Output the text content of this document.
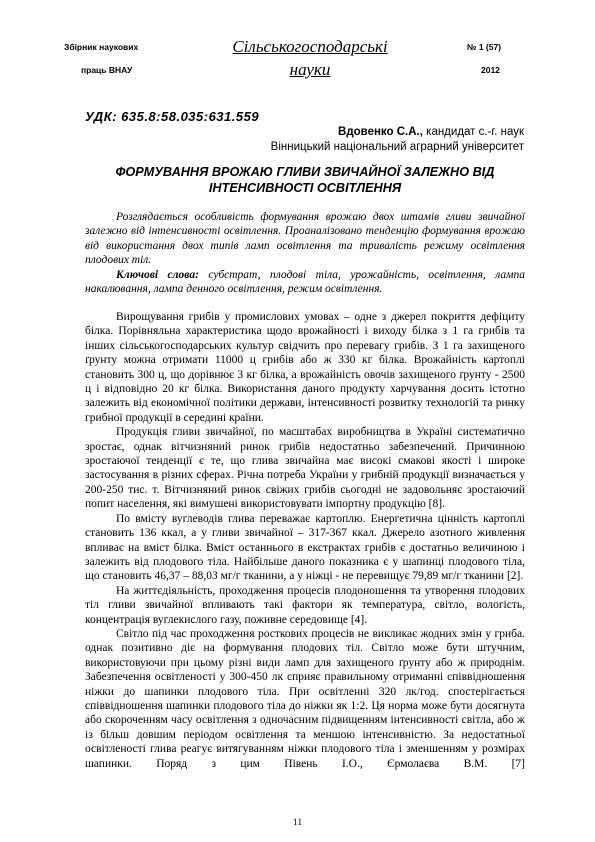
Збірник наукових
праць ВНАУ
Сільськогосподарські
науки
№ 1 (57)
2012
УДК: 635.8:58.035:631.559
Вдовенко С.А., кандидат с.-г. наук
Вінницький національний аграрний університет
ФОРМУВАННЯ ВРОЖАЮ ГЛИВИ ЗВИЧАЙНОЇ ЗАЛЕЖНО ВІД
ІНТЕНСИВНОСТІ ОСВІТЛЕННЯ

Розглядається особливість формування врожаю двох штамів гливи звичайної залежно від інтенсивності освітлення. Проаналізовано тенденцію формування врожаю від використання двох типів ламп освітлення та тривалість режиму освітлення плодових тіл.

Ключові слова: субстрат, плодові тіла, урожайність, освітлення, лампа накалювання, лампа денного освітлення, режим освітлення.

Вирощування грибів у промислових умовах – одне з джерел покриття дефіциту білка. Порівняльна характеристика щодо врожайності і виходу білка з 1 га грибів та інших сільськогосподарських культур свідчить про перевагу грибів. З 1 га захищеного ґрунту можна отримати 11000 ц грибів або ж 330 кг білка. Врожайність картоплі становить 300 ц, що дорівнює 3 кг білка, а врожайність овочів захищеного ґрунту - 2500 ц і відповідно 20 кг білка. Використання даного продукту харчування досить істотно залежить від економічної політики держави, інтенсивності розвитку технологій та ринку грибної продукції в середині країни.

Продукція гливи звичайної, по масштабах виробництва в Україні систематично зростає, однак вітчизняний ринок грибів недостатньо забезпечений. Причинною зростаючої тенденції є те, що глива звичайна має високі смакові якості і широке застосування в різних сферах. Річна потреба України у грибній продукції визначається у 200-250 тис. т. Вітчизняний ринок свіжих грибів сьогодні не задовольняє зростаючий попит населення, які вимушені використовувати імпортну продукцію [8].

По вмісту вуглеводів глива переважає картоплю. Енергетична цінність картоплі становить 136 ккал, а у гливи звичайної – 317-367 ккал. Джерело азотного живлення впливає на вміст білка. Вміст останнього в екстрактах грибів є достатньо величиною і залежить від плодового тіла. Найбільше даного показника є у шапинці плодового тіла, що становить 46,37 – 88,03 мг/г тканини, а у ніжці - не перевищує 79,89 мг/г тканини [2].

На життєдіяльність, проходження процесів плодоношення та утворення плодових тіл гливи звичайної впливають такі фактори як температура, світло, вологість, концентрація вуглекислого газу, поживне середовище [4].

Світло під час проходження росткових процесів не викликає жодних змін у гриба. однак позитивно діє на формування плодових тіл. Світло може бути штучним, використовуючи при цьому різні види ламп для захищеного ґрунту або ж природнім. Забезпечення освітленості у 300-450 лк сприяє правильному отриманні співвідношення ніжки до шапинки плодового тіла. При освітленні 320 лк/год. спостерігається співвідношення шапинки плодового тіла до ніжки як 1:2. Ця норма може бути досягнута або скороченням часу освітлення з одночасним підвищенням інтенсивності світла, або ж із більш довшим періодом освітлення та меншою інтенсивністю. За недостатньої освітленості глива реагує витягуванням ніжки плодового тіла і зменшенням у розмірах шапинки. Поряд з цим Півень І.О., Єрмолаєва В.М. [7]

11
